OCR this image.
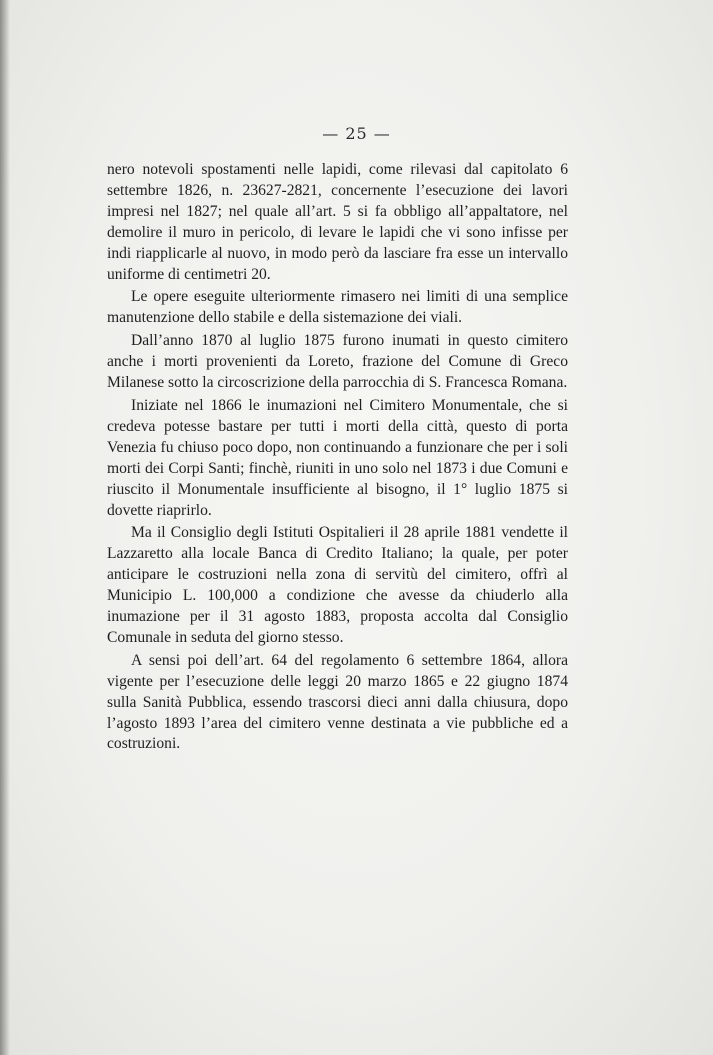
— 25 —

nero notevoli spostamenti nelle lapidi, come rilevasi dal capitolato 6 settembre 1826, n. 23627-2821, concernente l’esecuzione dei lavori impresi nel 1827; nel quale all’art. 5 si fa obbligo all’appaltatore, nel demolire il muro in pericolo, di levare le lapidi che vi sono infisse per indi riapplicarle al nuovo, in modo però da lasciare fra esse un intervallo uniforme di centimetri 20.

Le opere eseguite ulteriormente rimasero nei limiti di una semplice manutenzione dello stabile e della sistemazione dei viali.

Dall’anno 1870 al luglio 1875 furono inumati in questo cimitero anche i morti provenienti da Loreto, frazione del Comune di Greco Milanese sotto la circoscrizione della parrocchia di S. Francesca Romana.

Iniziate nel 1866 le inumazioni nel Cimitero Monumentale, che si credeva potesse bastare per tutti i morti della città, questo di porta Venezia fu chiuso poco dopo, non continuando a funzionare che per i soli morti dei Corpi Santi; finchè, riuniti in uno solo nel 1873 i due Comuni e riuscito il Monumentale insufficiente al bisogno, il 1° luglio 1875 si dovette riaprirlo.

Ma il Consiglio degli Istituti Ospitalieri il 28 aprile 1881 vendette il Lazzaretto alla locale Banca di Credito Italiano; la quale, per poter anticipare le costruzioni nella zona di servitù del cimitero, offrì al Municipio L. 100,000 a condizione che avesse da chiuderlo alla inumazione per il 31 agosto 1883, proposta accolta dal Consiglio Comunale in seduta del giorno stesso.

A sensi poi dell’art. 64 del regolamento 6 settembre 1864, allora vigente per l’esecuzione delle leggi 20 marzo 1865 e 22 giugno 1874 sulla Sanità Pubblica, essendo trascorsi dieci anni dalla chiusura, dopo l’agosto 1893 l’area del cimitero venne destinata a vie pubbliche ed a costruzioni.
